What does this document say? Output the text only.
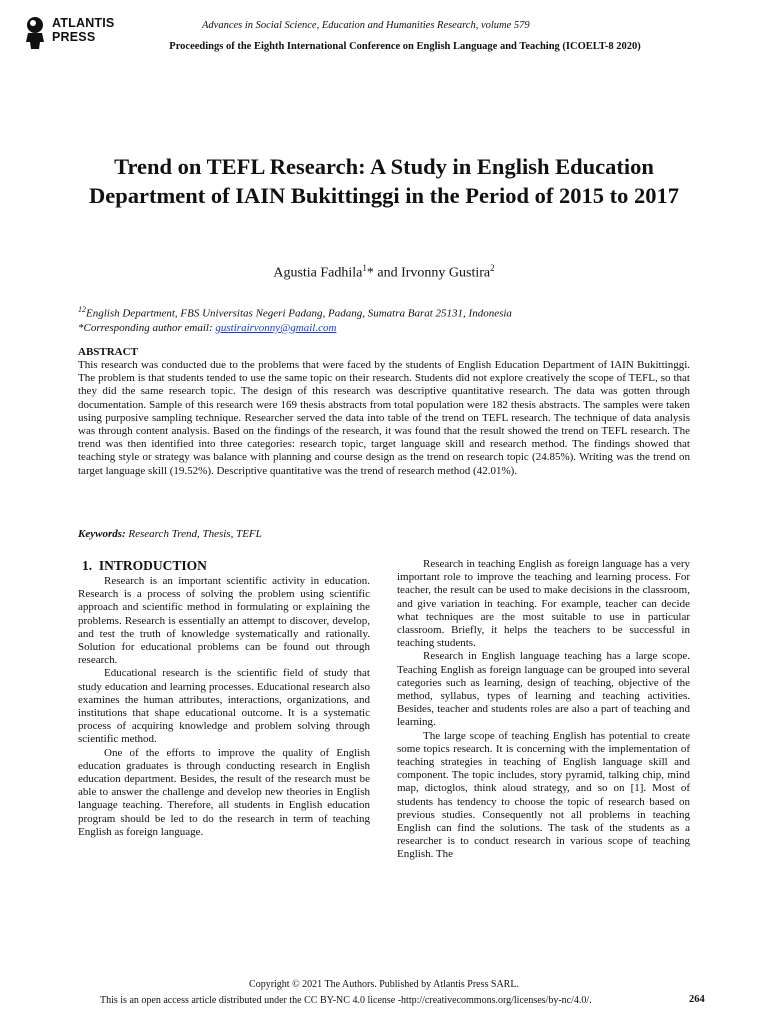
ATLANTIS
PRESS
Advances in Social Science, Education and Humanities Research, volume 579
Proceedings of the Eighth International Conference on English Language and Teaching (ICOELT-8 2020)
Trend on TEFL Research: A Study in English Education Department of IAIN Bukittinggi in the Period of 2015 to 2017
Agustia Fadhila$^1$* and Irvonny Gustira$^2$
$^{12}$English Department, FBS Universitas Negeri Padang, Padang, Sumatra Barat 25131, Indonesia
*Corresponding author email: gustirairvonny@gmail.com
ABSTRACT
This research was conducted due to the problems that were faced by the students of English Education Department of IAIN Bukittinggi. The problem is that students tended to use the same topic on their research. Students did not explore creatively the scope of TEFL, so that they did the same research topic. The design of this research was descriptive quantitative research. The data was gotten through documentation. Sample of this research were 169 thesis abstracts from total population were 182 thesis abstracts. The samples were taken using purposive sampling technique. Researcher served the data into table of the trend on TEFL research. The technique of data analysis was through content analysis. Based on the findings of the research, it was found that the result showed the trend on TEFL research. The trend was then identified into three categories: research topic, target language skill and research method. The findings showed that teaching style or strategy was balance with planning and course design as the trend on research topic (24.85%). Writing was the trend on target language skill (19.52%). Descriptive quantitative was the trend of research method (42.01%).
Keywords: Research Trend, Thesis, TEFL
1.  INTRODUCTION

Research is an important scientific activity in education. Research is a process of solving the problem using scientific approach and scientific method in formulating or explaining the problems. Research is essentially an attempt to discover, develop, and test the truth of knowledge systematically and rationally. Solution for educational problems can be found out through research.

Educational research is the scientific field of study that study education and learning processes. Educational research also examines the human attributes, interactions, organizations, and institutions that shape educational outcome. It is a systematic process of acquiring knowledge and problem solving through scientific method.

One of the efforts to improve the quality of English education graduates is through conducting research in English education department. Besides, the result of the research must be able to answer the challenge and develop new theories in English language teaching. Therefore, all students in English education program should be led to do the research in term of teaching English as foreign language.

Research in teaching English as foreign language has a very important role to improve the teaching and learning process. For teacher, the result can be used to make decisions in the classroom, and give variation in teaching. For example, teacher can decide what techniques are the most suitable to use in particular classroom. Briefly, it helps the teachers to be successful in teaching students.

Research in English language teaching has a large scope. Teaching English as foreign language can be grouped into several categories such as learning, design of teaching, objective of the method, syllabus, types of learning and teaching activities. Besides, teacher and students roles are also a part of teaching and learning.

The large scope of teaching English has potential to create some topics research. It is concerning with the implementation of teaching strategies in teaching of English language skill and component. The topic includes, story pyramid, talking chip, mind map, dictoglos, think aloud strategy, and so on [1]. Most of students has tendency to choose the topic of research based on previous studies. Consequently not all problems in teaching English can find the solutions. The task of the students as a researcher is to conduct research in various scope of teaching English. The

Copyright © 2021 The Authors. Published by Atlantis Press SARL.
This is an open access article distributed under the CC BY-NC 4.0 license -http://creativecommons.org/licenses/by-nc/4.0/.	264
